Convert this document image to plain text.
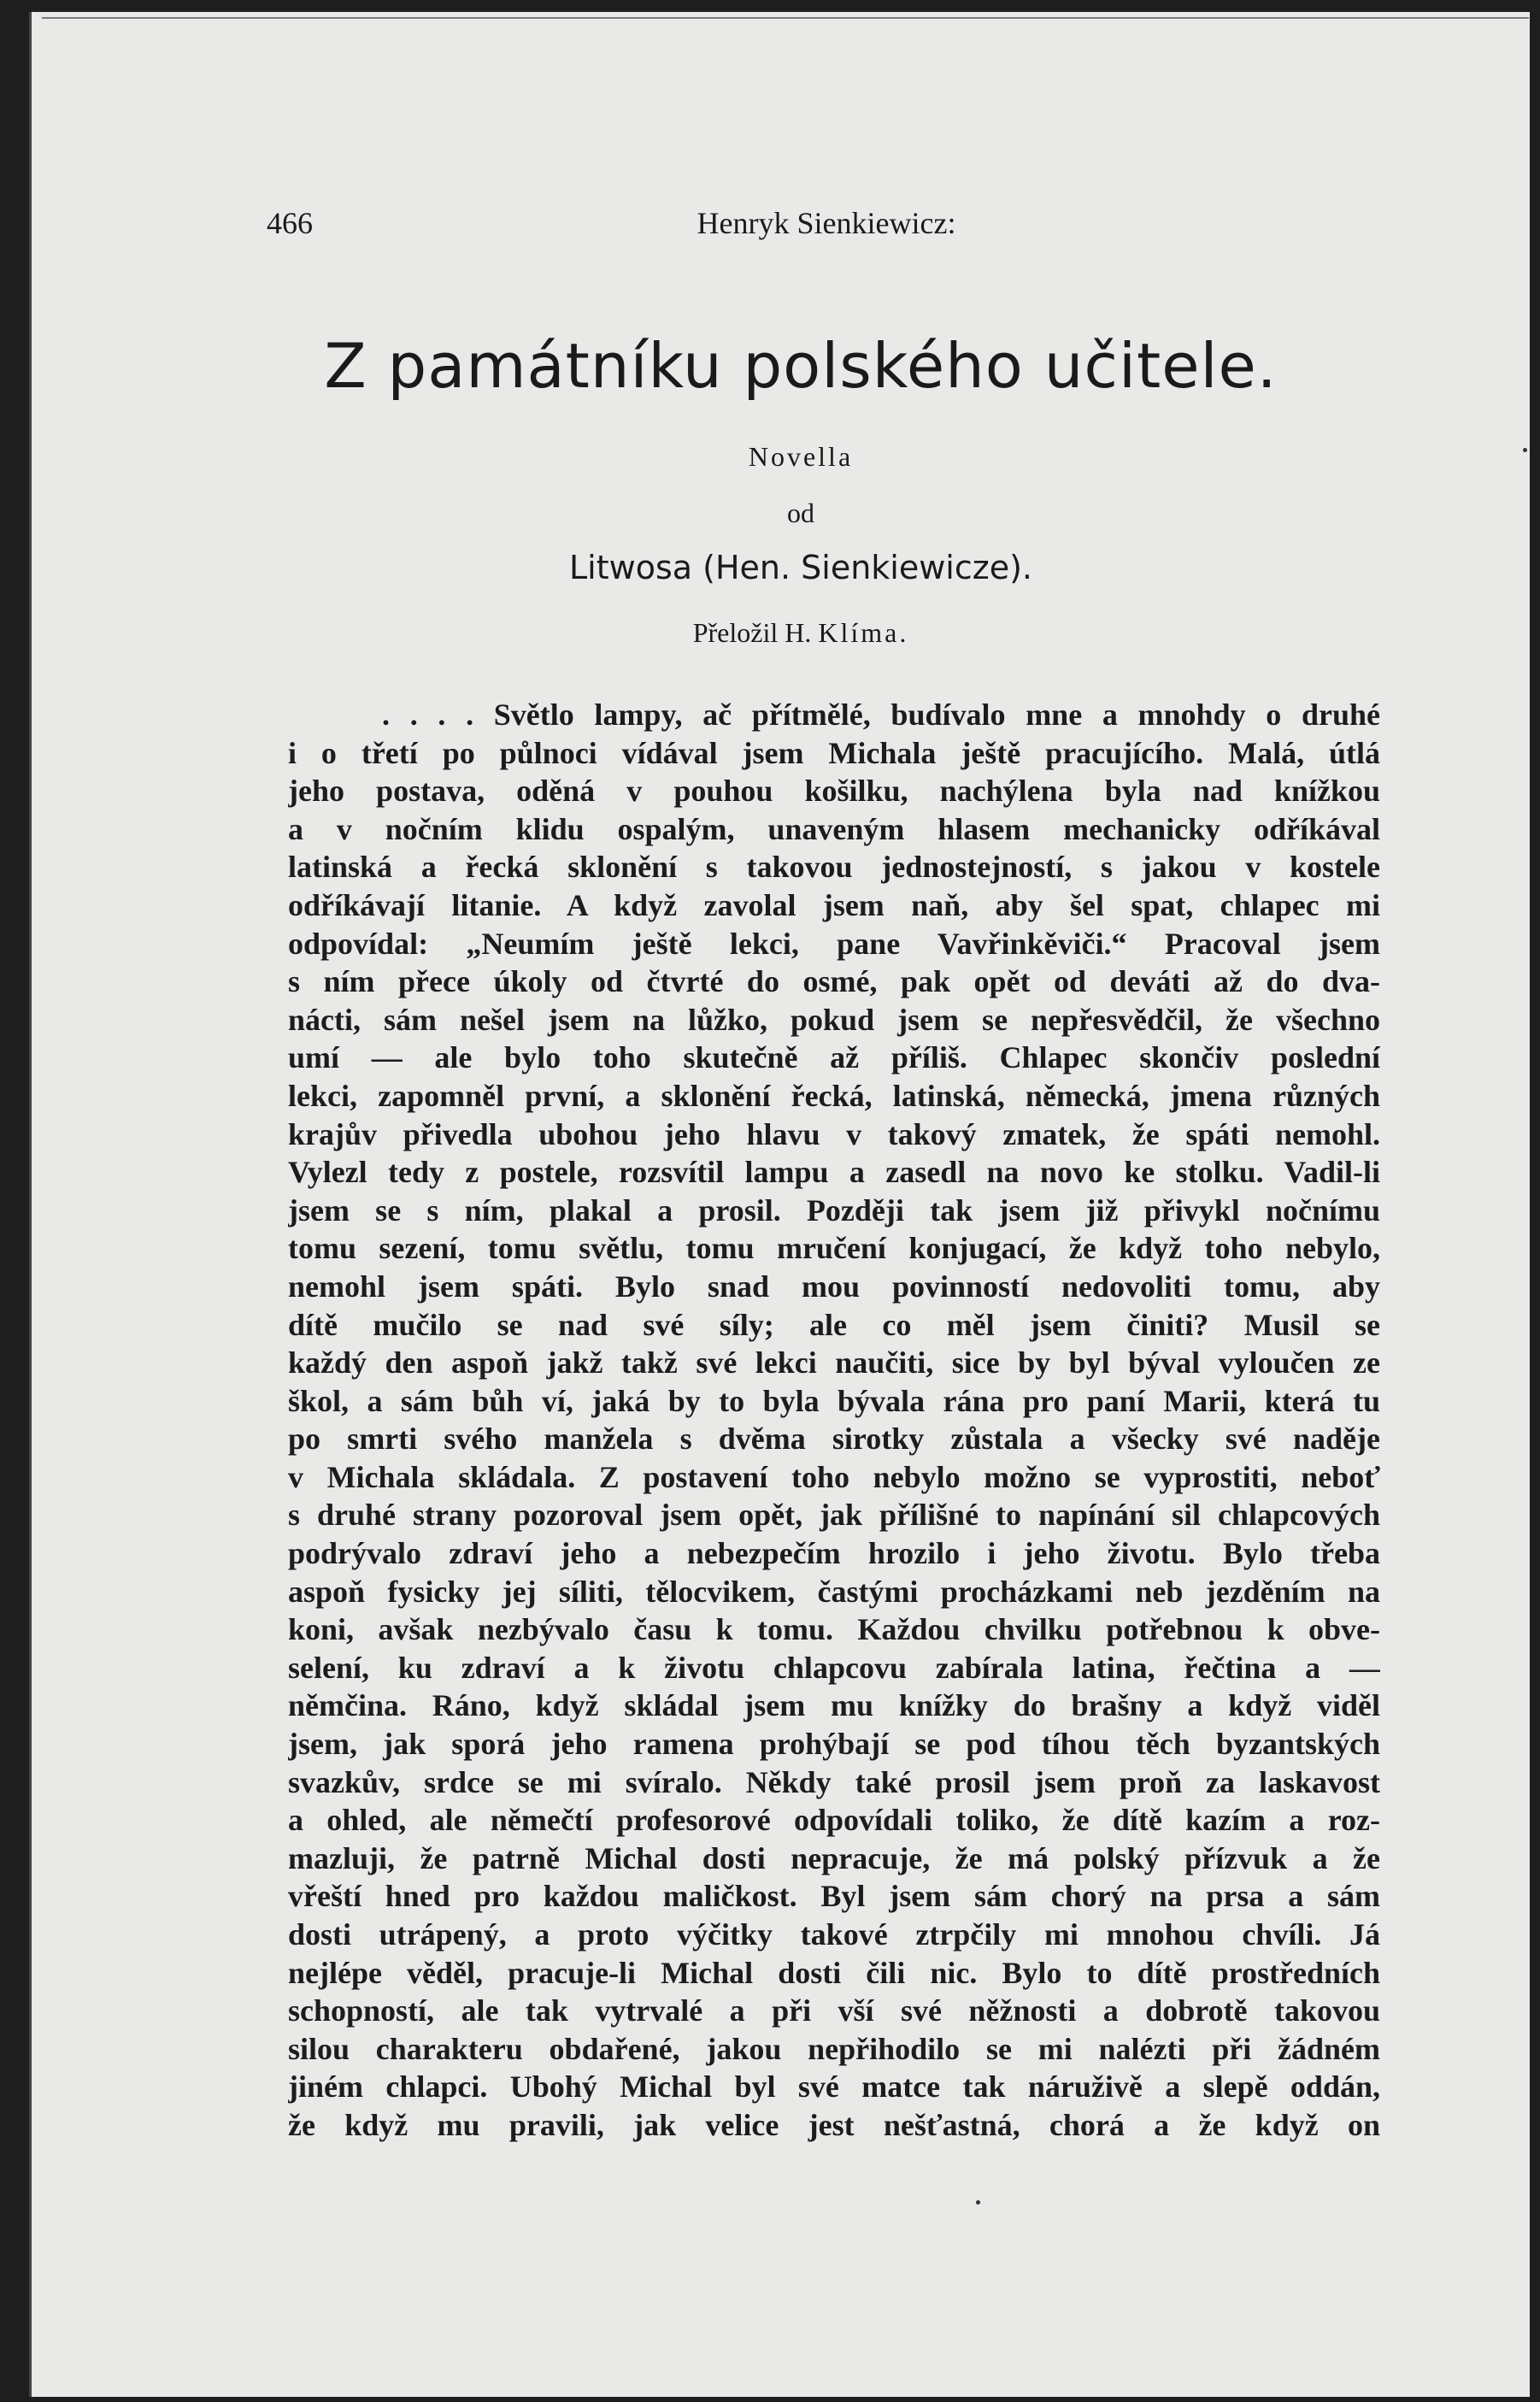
466	Henryk Sienkiewicz:
Z památníku polského učitele.
Novella
od
Litwosa (Hen. Sienkiewicze).
Přeložil H. Klíma.
. . . . Světlo lampy, ač přítmělé, budívalo mne a mnohdy o druhé
i o třetí po půlnoci vídával jsem Michala ještě pracujícího. Malá, útlá
jeho postava, oděná v pouhou košilku, nachýlena byla nad knížkou
a v nočním klidu ospalým, unaveným hlasem mechanicky odříkával
latinská a řecká sklonění s takovou jednostejností, s jakou v kostele
odříkávají litanie. A když zavolal jsem naň, aby šel spat, chlapec mi
odpovídal: „Neumím ještě lekci, pane Vavřinkěviči.“ Pracoval jsem
s ním přece úkoly od čtvrté do osmé, pak opět od deváti až do dva-
nácti, sám nešel jsem na lůžko, pokud jsem se nepřesvědčil, že všechno
umí — ale bylo toho skutečně až příliš. Chlapec skončiv poslední
lekci, zapomněl první, a sklonění řecká, latinská, německá, jmena různých
krajův přivedla ubohou jeho hlavu v takový zmatek, že spáti nemohl.
Vylezl tedy z postele, rozsvítil lampu a zasedl na novo ke stolku. Vadil-li
jsem se s ním, plakal a prosil. Později tak jsem již přivykl nočnímu
tomu sezení, tomu světlu, tomu mručení konjugací, že když toho nebylo,
nemohl jsem spáti. Bylo snad mou povinností nedovoliti tomu, aby
dítě mučilo se nad své síly; ale co měl jsem činiti? Musil se
každý den aspoň jakž takž své lekci naučiti, sice by byl býval vyloučen ze
škol, a sám bůh ví, jaká by to byla bývala rána pro paní Marii, která tu
po smrti svého manžela s dvěma sirotky zůstala a všecky své naděje
v Michala skládala. Z postavení toho nebylo možno se vyprostiti, neboť
s druhé strany pozoroval jsem opět, jak přílišné to napínání sil chlapcových
podrývalo zdraví jeho a nebezpečím hrozilo i jeho životu. Bylo třeba
aspoň fysicky jej síliti, tělocvikem, častými procházkami neb jezděním na
koni, avšak nezbývalo času k tomu. Každou chvilku potřebnou k obve-
selení, ku zdraví a k životu chlapcovu zabírala latina, řečtina a —
němčina. Ráno, když skládal jsem mu knížky do brašny a když viděl
jsem, jak sporá jeho ramena prohýbají se pod tíhou těch byzantských
svazkův, srdce se mi svíralo. Někdy také prosil jsem proň za laskavost
a ohled, ale němečtí profesorové odpovídali toliko, že dítě kazím a roz-
mazluji, že patrně Michal dosti nepracuje, že má polský přízvuk a že
vřeští hned pro každou maličkost. Byl jsem sám chorý na prsa a sám
dosti utrápený, a proto výčitky takové ztrpčily mi mnohou chvíli. Já
nejlépe věděl, pracuje-li Michal dosti čili nic. Bylo to dítě prostředních
schopností, ale tak vytrvalé a při vší své něžnosti a dobrotě takovou
silou charakteru obdařené, jakou nepřihodilo se mi nalézti při žádném
jiném chlapci. Ubohý Michal byl své matce tak náruživě a slepě oddán,
že když mu pravili, jak velice jest nešťastná, chorá a že když on
